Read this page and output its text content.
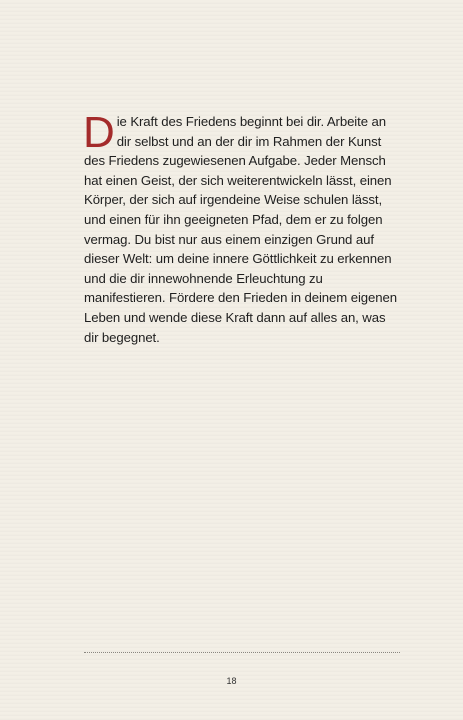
Die Kraft des Friedens beginnt bei dir. Arbeite an dir selbst und an der dir im Rahmen der Kunst des Friedens zugewiesenen Aufgabe. Jeder Mensch hat einen Geist, der sich weiterentwickeln lässt, einen Körper, der sich auf irgendeine Weise schulen lässt, und einen für ihn geeigneten Pfad, dem er zu folgen vermag. Du bist nur aus einem einzigen Grund auf dieser Welt: um deine innere Göttlichkeit zu erkennen und die dir innewohnende Erleuchtung zu manifestieren. Fördere den Frieden in deinem eigenen Leben und wende diese Kraft dann auf alles an, was dir begegnet.
18
